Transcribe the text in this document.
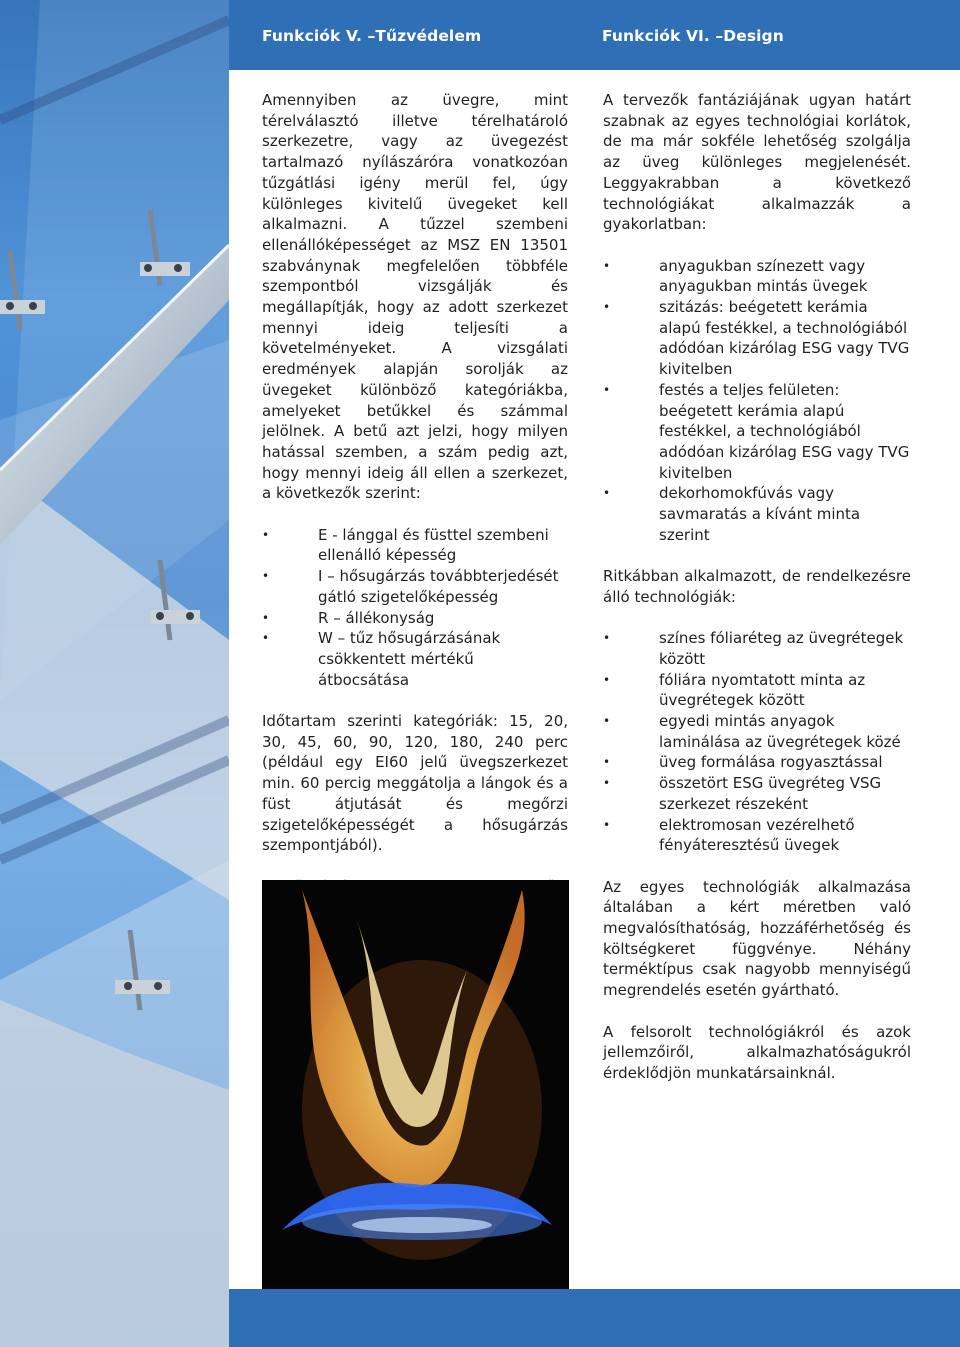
Funkciók V. –Tűzvédelem	Funkciók VI. –Design

Amennyiben az üvegre, mint térelválasztó illetve térelhatároló szerkezetre, vagy az üvegezést tartalmazó nyílászáróra vonatkozóan tűzgátlási igény merül fel, úgy különleges kivitelű üvegeket kell alkalmazni. A tűzzel szembeni ellenállóképességet az MSZ EN 13501 szabványnak megfelelően többféle szempontból vizsgálják és megállapítják, hogy az adott szerkezet mennyi ideig teljesíti a követelményeket. A vizsgálati eredmények alapján sorolják az üvegeket különböző kategóriákba, amelyeket betűkkel és számmal jelölnek. A betű azt jelzi, hogy milyen hatással szemben, a szám pedig azt, hogy mennyi ideig áll ellen a szerkezet, a következők szerint:

• E - lánggal és füsttel szembeni ellenálló képesség
• I – hősugárzás továbbterjedését gátló szigetelőképesség
• R – állékonyság
• W – tűz hősugárzásának csökkentett mértékű átbocsátása

Időtartam szerinti kategóriák: 15, 20, 30, 45, 60, 90, 120, 180, 240 perc (például egy EI60 jelű üvegszerkezet min. 60 percig meggátolja a lángok és a füst átjutását és megőrzi szigetelőképességét a hősugárzás szempontjából).

A tervezők fantáziájának ugyan határt szabnak az egyes technológiai korlátok, de ma már sokféle lehetőség szolgálja az üveg különleges megjelenését. Leggyakrabban a következő technológiákat alkalmazzák a gyakorlatban:

• anyagukban színezett vagy anyagukban mintás üvegek
• szitázás: beégetett kerámia alapú festékkel, a technológiából adódóan kizárólag ESG vagy TVG kivitelben
• festés a teljes felületen: beégetett kerámia alapú festékkel, a technológiából adódóan kizárólag ESG vagy TVG kivitelben
• dekorhomokfúvás vagy savmaratás a kívánt minta szerint

Ritkábban alkalmazott, de rendelkezésre álló technológiák:

• színes fóliaréteg az üvegrétegek között
• fóliára nyomtatott minta az üvegrétegek között
• egyedi mintás anyagok laminálása az üvegrétegek közé
• üveg formálása rogyasztással
• összetört ESG üvegréteg VSG szerkezet részeként
• elektromosan vezérelhető fényáteresztésű üvegek

Az egyes technológiák alkalmazása általában a kért méretben való megvalósíthatóság, hozzáférhetőség és költségkeret függvénye. Néhány terméktípus csak nagyobb mennyiségű megrendelés esetén gyártható.

A felsorolt technológiákról és azok jellemzőiről, alkalmazhatóságukról érdeklődjön munkatársainknál.
